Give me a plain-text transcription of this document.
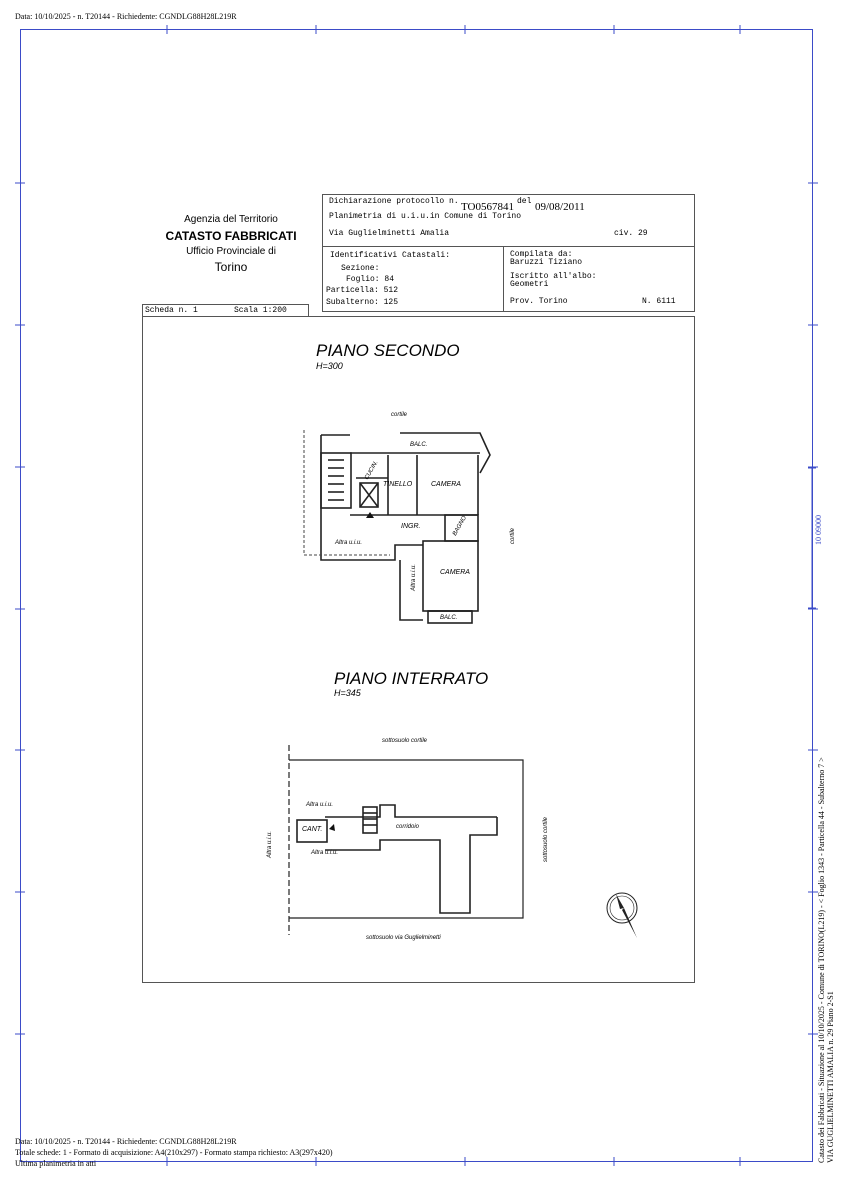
Data: 10/10/2025 - n. T20144 - Richiedente: CGNDLG88H28L219R
Agenzia del Territorio
CATASTO FABBRICATI
Ufficio Provinciale di
Torino
Dichiarazione protocollo n. TO0567841 del 09/08/2011
Planimetria di u.i.u.in Comune di Torino
Via Guglielminetti Amalia	civ. 29
Identificativi Catastali:
Sezione:
Foglio: 84
Particella: 512
Subalterno: 125
Compilata da:
Baruzzi Tiziano
Iscritto all'albo:
Geometri
Prov. Torino	N. 6111
Scheda n. 1	Scala 1:200
PIANO SECONDO
H=300
PIANO INTERRATO
H=345
cortile
BALC.
CUCIN.
TINELLO	CAMERA
INGR.	BAGNO
Altra u.i.u.
Altra u.i.u.	CAMERA
BALC.
cortile
sottosuolo cortile
Altra u.i.u.
CANT.	corridoio
Altra u.i.u.
Altra u.i.u.	sottosuolo cortile
sottosuolo via Guglielminetti
10 09000
Catasto dei Fabbricati - Situazione al 10/10/2025 - Comune di TORINO(L219) - < Foglio 1343 - Particella 44 - Subalterno 7 > VIA GUGLIELMINETTI AMALIA n. 29 Piano 2-S1
Data: 10/10/2025 - n. T20144 - Richiedente: CGNDLG88H28L219R
Totale schede: 1 - Formato di acquisizione: A4(210x297) - Formato stampa richiesto: A3(297x420)
Ultima planimetria in atti
